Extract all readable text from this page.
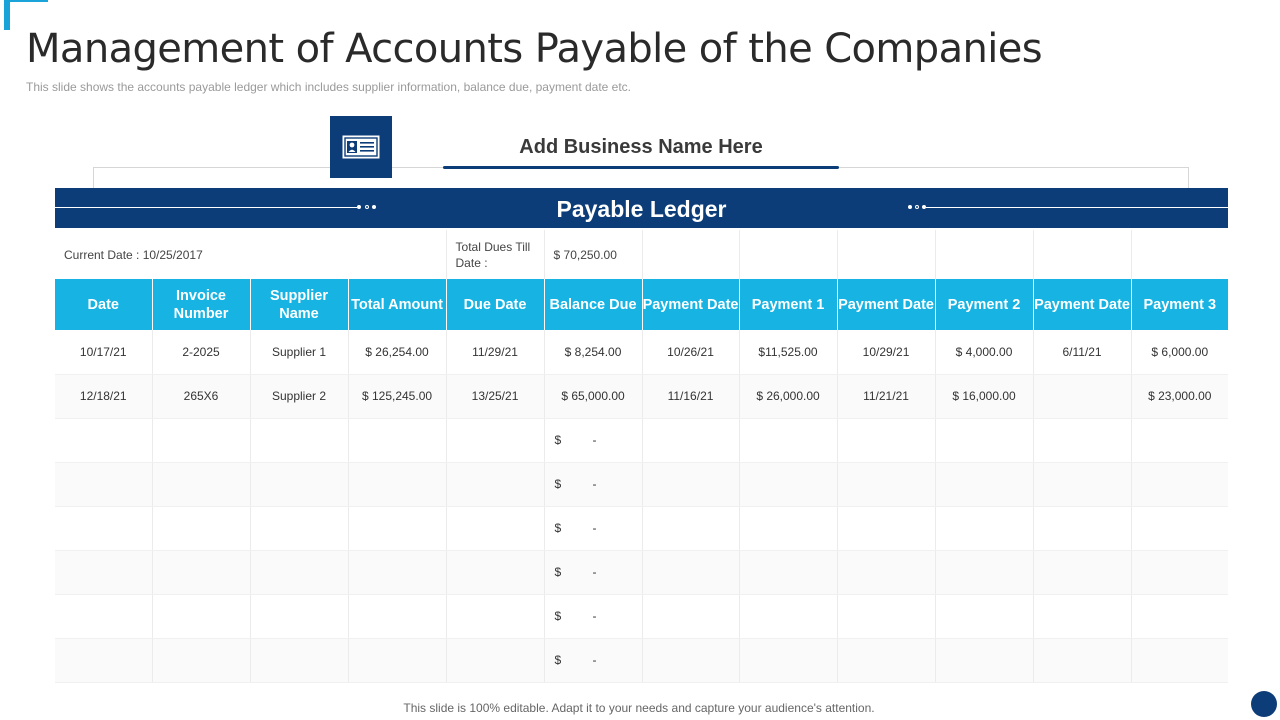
Management of Accounts Payable of the Companies
This slide shows the accounts payable ledger which includes supplier information, balance due, payment date etc.
Add Business Name Here
Payable Ledger
Current Date : 10/25/2017				Total Dues Till Date :	$ 70,250.00						
Date	Invoice Number	Supplier Name	Total Amount	Due Date	Balance Due	Payment Date	Payment 1	Payment Date	Payment 2	Payment Date	Payment 3
10/17/21	2-2025	Supplier 1	$ 26,254.00	11/29/21	$ 8,254.00	10/26/21	$11,525.00	10/29/21	$ 4,000.00	6/11/21	$ 6,000.00
12/18/21	265X6	Supplier 2	$ 125,245.00	13/25/21	$ 65,000.00	11/16/21	$ 26,000.00	11/21/21	$ 16,000.00		$ 23,000.00
					$ -						
					$ -						
					$ -						
					$ -						
					$ -						
					$ -						
This slide is 100% editable. Adapt it to your needs and capture your audience's attention.
